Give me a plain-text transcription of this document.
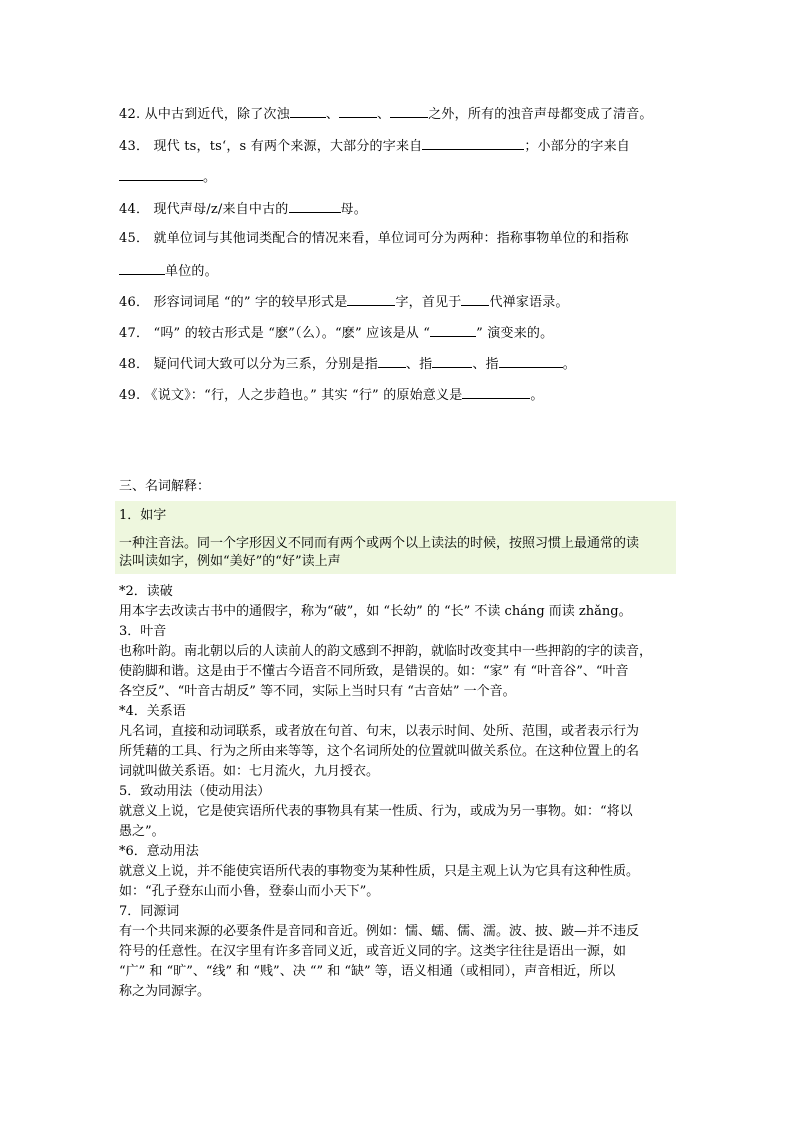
42. 从中古到近代，除了次浊	、	、	之外，所有的浊音声母都变成了清音。
43． 现代 ts，ts‘，s 有两个来源，大部分的字来自	；小部分的字来自
。
44． 现代声母/z/来自中古的	母。
45． 就单位词与其他词类配合的情况来看，单位词可分为两种：指称事物单位的和指称
单位的。
46． 形容词词尾 “的” 字的较早形式是	字，首见于 代禅家语录。
47． “吗” 的较古形式是 “麽”（么）。“麽” 应该是从 “	” 演变来的。
48． 疑问代词大致可以分为三系，分别是指 、指	、指	。
49. 《说文》：“行，人之步趋也。” 其实 “行” 的原始意义是	。
三、名词解释：
1．如字
一种注音法。同一个字形因义不同而有两个或两个以上读法的时候，按照习惯上最通常的读
法叫读如字，例如“美好”的“好”读上声
*2．读破
用本字去改读古书中的通假字，称为“破”，如 “长幼” 的 “长” 不读 cháng 而读 zhǎng。
3．叶音
也称叶韵。南北朝以后的人读前人的韵文感到不押韵，就临时改变其中一些押韵的字的读音，
使韵脚和谐。这是由于不懂古今语音不同所致，是错误的。如：“家” 有 “叶音谷”、“叶音
各空反”、“叶音古胡反” 等不同，实际上当时只有 “古音姑” 一个音。
*4．关系语
凡名词，直接和动词联系，或者放在句首、句末，以表示时间、处所、范围，或者表示行为
所凭藉的工具、行为之所由来等等，这个名词所处的位置就叫做关系位。在这种位置上的名
词就叫做关系语。如：七月流火，九月授衣。
5．致动用法（使动用法）
就意义上说，它是使宾语所代表的事物具有某一性质、行为，或成为另一事物。如：“将以
愚之”。
*6．意动用法
就意义上说，并不能使宾语所代表的事物变为某种性质，只是主观上认为它具有这种性质。
如：“孔子登东山而小鲁，登泰山而小天下”。
7．同源词
有一个共同来源的必要条件是音同和音近。例如：懦、蠕、儒、濡。波、披、跛—并不违反
符号的任意性。在汉字里有许多音同义近，或音近义同的字。这类字往往是语出一源，如
“广” 和 “旷”、“线” 和 “贱”、决 “” 和 “缺” 等，语义相通（或相同），声音相近，所以
称之为同源字。
